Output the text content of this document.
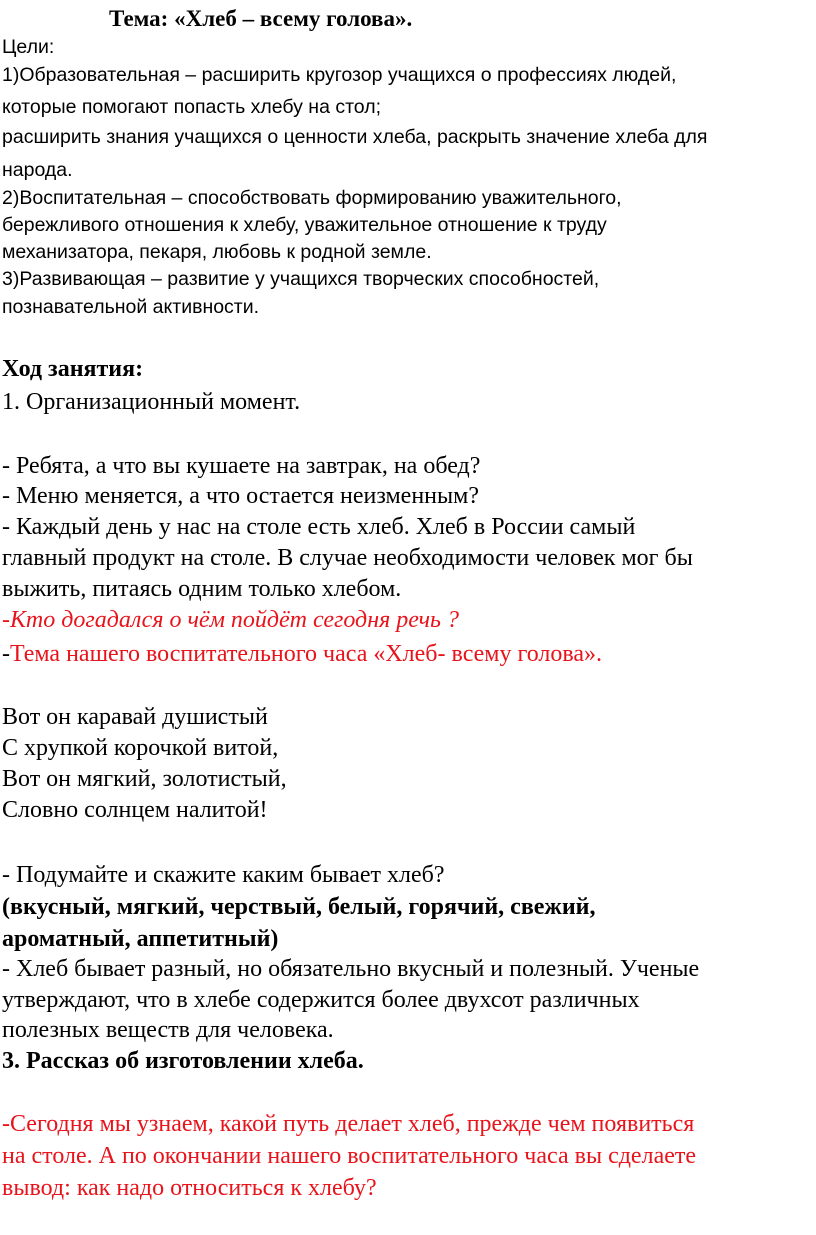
Тема: «Хлеб – всему голова».
Цели:
1)Образовательная – расширить кругозор учащихся о профессиях людей,
которые помогают попасть хлебу на стол;
расширить знания учащихся о ценности хлеба, раскрыть значение хлеба для
народа.
2)Воспитательная – способствовать формированию уважительного,
бережливого отношения к хлебу, уважительное отношение к труду
механизатора, пекаря, любовь к родной земле.
3)Развивающая – развитие у учащихся творческих способностей,
познавательной активности.
Ход занятия:
1. Организационный момент.
- Ребята, а что вы кушаете на завтрак, на обед?
- Меню меняется, а что остается неизменным?
- Каждый день у нас на столе есть хлеб. Хлеб в России самый
главный продукт на столе. В случае необходимости человек мог бы
выжить, питаясь одним только хлебом.
-Кто догадался о чём пойдёт сегодня речь ?
-Тема нашего воспитательного часа «Хлеб- всему голова».
Вот он каравай душистый
С хрупкой корочкой витой,
Вот он мягкий, золотистый,
Словно солнцем налитой!
- Подумайте и скажите каким бывает хлеб?
(вкусный, мягкий, черствый, белый, горячий, свежий,
ароматный, аппетитный)
- Хлеб бывает разный, но обязательно вкусный и полезный. Ученые
утверждают, что в хлебе содержится более двухсот различных
полезных веществ для человека.
3. Рассказ об изготовлении хлеба.
-Сегодня мы узнаем, какой путь делает хлеб, прежде чем появиться
на столе. А по окончании нашего воспитательного часа вы сделаете
вывод: как надо относиться к хлебу?
